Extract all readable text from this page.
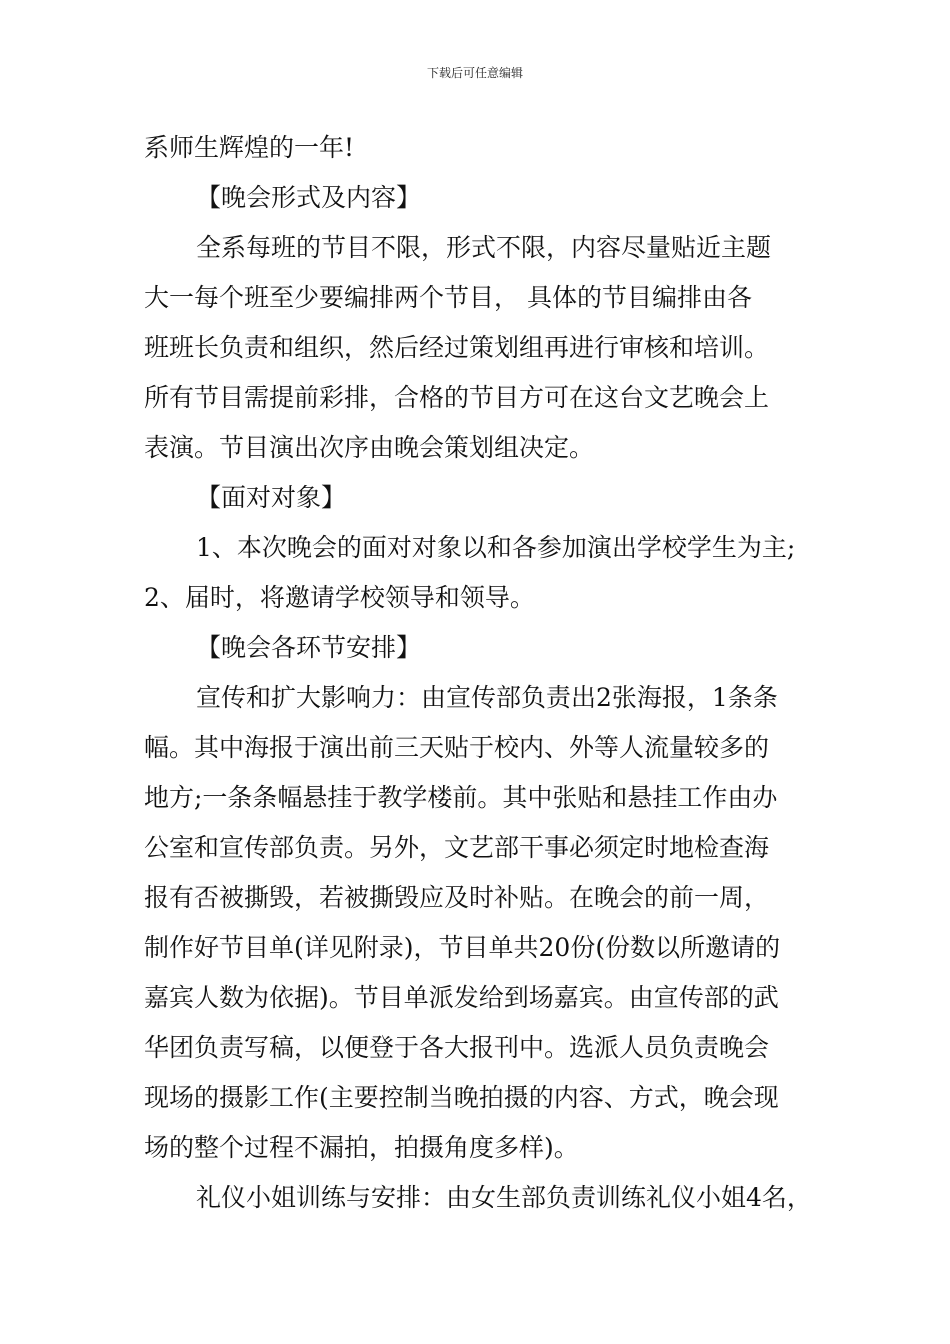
下载后可任意编辑
系师生辉煌的一年!
【晚会形式及内容】
全系每班的节目不限，形式不限，内容尽量贴近主题
大一每个班至少要编排两个节目， 具体的节目编排由各
班班长负责和组织，然后经过策划组再进行审核和培训。
所有节目需提前彩排，合格的节目方可在这台文艺晚会上
表演。节目演出次序由晚会策划组决定。
【面对对象】
1、本次晚会的面对对象以和各参加演出学校学生为主;
2、届时，将邀请学校领导和领导。
【晚会各环节安排】
宣传和扩大影响力：由宣传部负责出2张海报，1条条
幅。其中海报于演出前三天贴于校内、外等人流量较多的
地方;一条条幅悬挂于教学楼前。其中张贴和悬挂工作由办
公室和宣传部负责。另外，文艺部干事必须定时地检查海
报有否被撕毁，若被撕毁应及时补贴。在晚会的前一周，
制作好节目单(详见附录)，节目单共20份(份数以所邀请的
嘉宾人数为依据)。节目单派发给到场嘉宾。由宣传部的武
华团负责写稿，以便登于各大报刊中。选派人员负责晚会
现场的摄影工作(主要控制当晚拍摄的内容、方式，晚会现
场的整个过程不漏拍，拍摄角度多样)。
礼仪小姐训练与安排：由女生部负责训练礼仪小姐4名，
